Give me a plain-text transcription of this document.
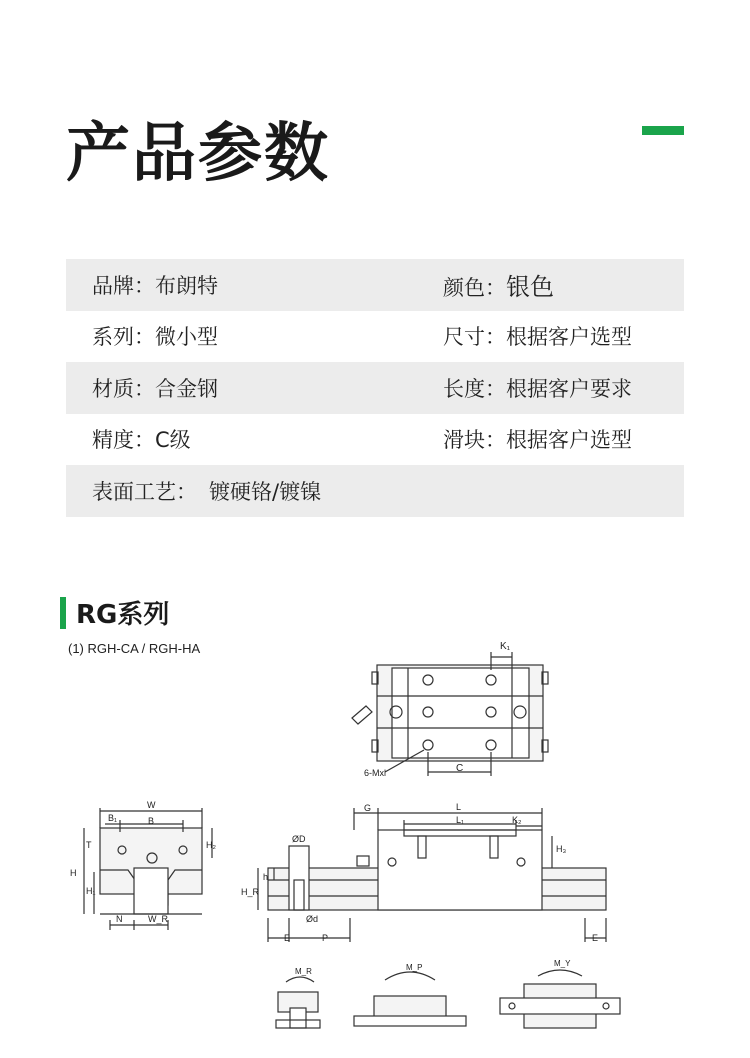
产品参数
品牌：布朗特	颜色：银色
系列：微小型	尺寸：根据客户选型
材质：合金钢	长度：根据客户要求
精度：C级	滑块：根据客户选型
表面工艺： 镀硬铬/镀镍
RG系列
(1) RGH-CA / RGH-HA	K₁
6-Mxl	C
W
B₁	B
T	H₂
H
H₁
N	W_R
ØD
H_R
h
Ød
E	P
G	L
L₁	K₂
H₃
E
M_R	M_P	M_Y
